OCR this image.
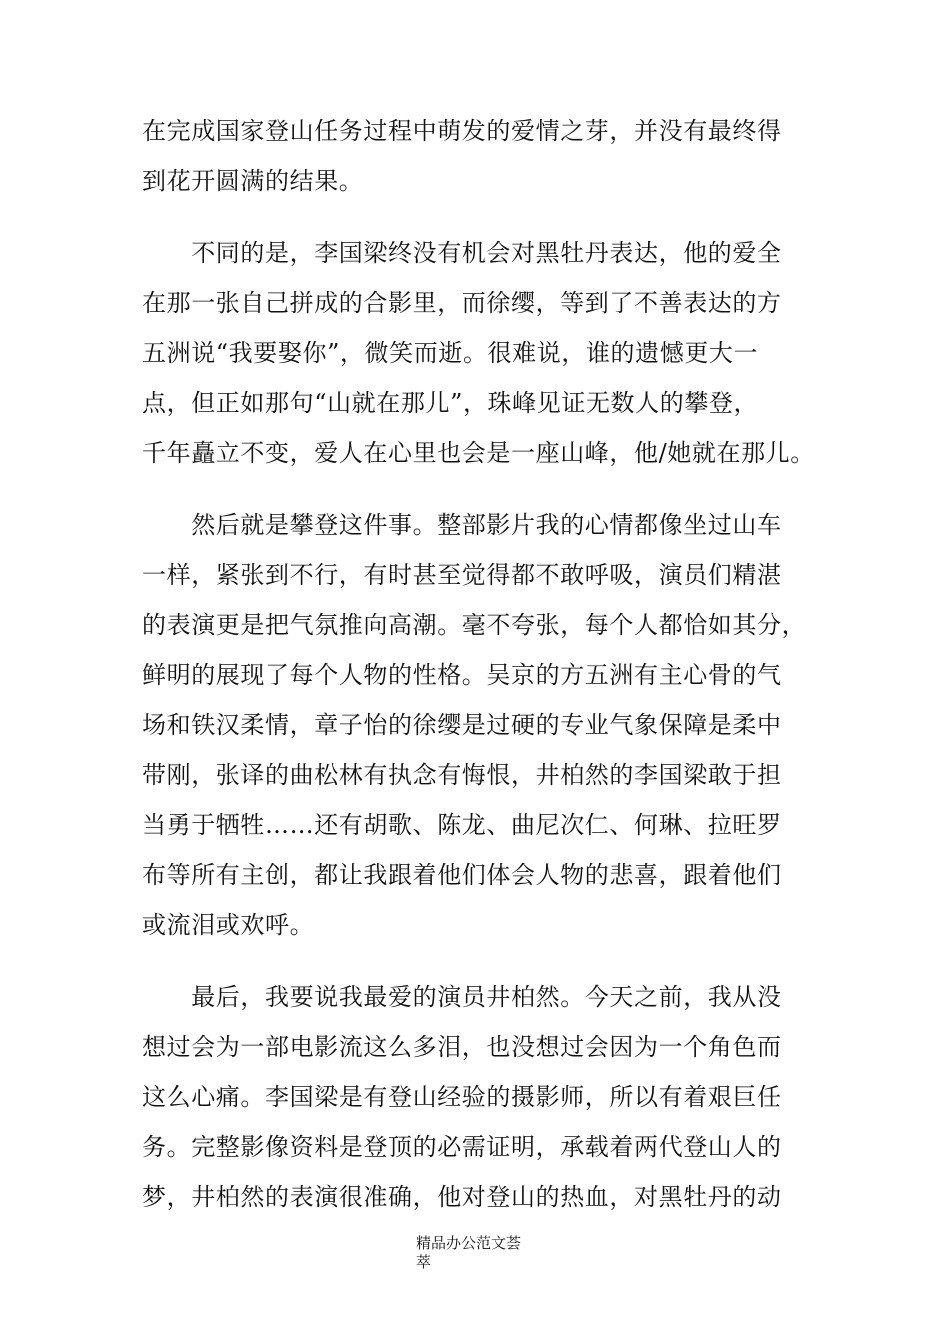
在完成国家登山任务过程中萌发的爱情之芽，并没有最终得
到花开圆满的结果。

　　不同的是，李国梁终没有机会对黑牡丹表达，他的爱全
在那一张自己拼成的合影里，而徐缨，等到了不善表达的方
五洲说“我要娶你”，微笑而逝。很难说，谁的遗憾更大一
点，但正如那句“山就在那儿”，珠峰见证无数人的攀登，
千年矗立不变，爱人在心里也会是一座山峰，他/她就在那儿。

　　然后就是攀登这件事。整部影片我的心情都像坐过山车
一样，紧张到不行，有时甚至觉得都不敢呼吸，演员们精湛
的表演更是把气氛推向高潮。毫不夸张，每个人都恰如其分，
鲜明的展现了每个人物的性格。吴京的方五洲有主心骨的气
场和铁汉柔情，章子怡的徐缨是过硬的专业气象保障是柔中
带刚，张译的曲松林有执念有悔恨，井柏然的李国梁敢于担
当勇于牺牲……还有胡歌、陈龙、曲尼次仁、何琳、拉旺罗
布等所有主创，都让我跟着他们体会人物的悲喜，跟着他们
或流泪或欢呼。

　　最后，我要说我最爱的演员井柏然。今天之前，我从没
想过会为一部电影流这么多泪，也没想过会因为一个角色而
这么心痛。李国梁是有登山经验的摄影师，所以有着艰巨任
务。完整影像资料是登顶的必需证明，承载着两代登山人的
梦，井柏然的表演很准确，他对登山的热血，对黑牡丹的动

精品办公范文荟
萃
